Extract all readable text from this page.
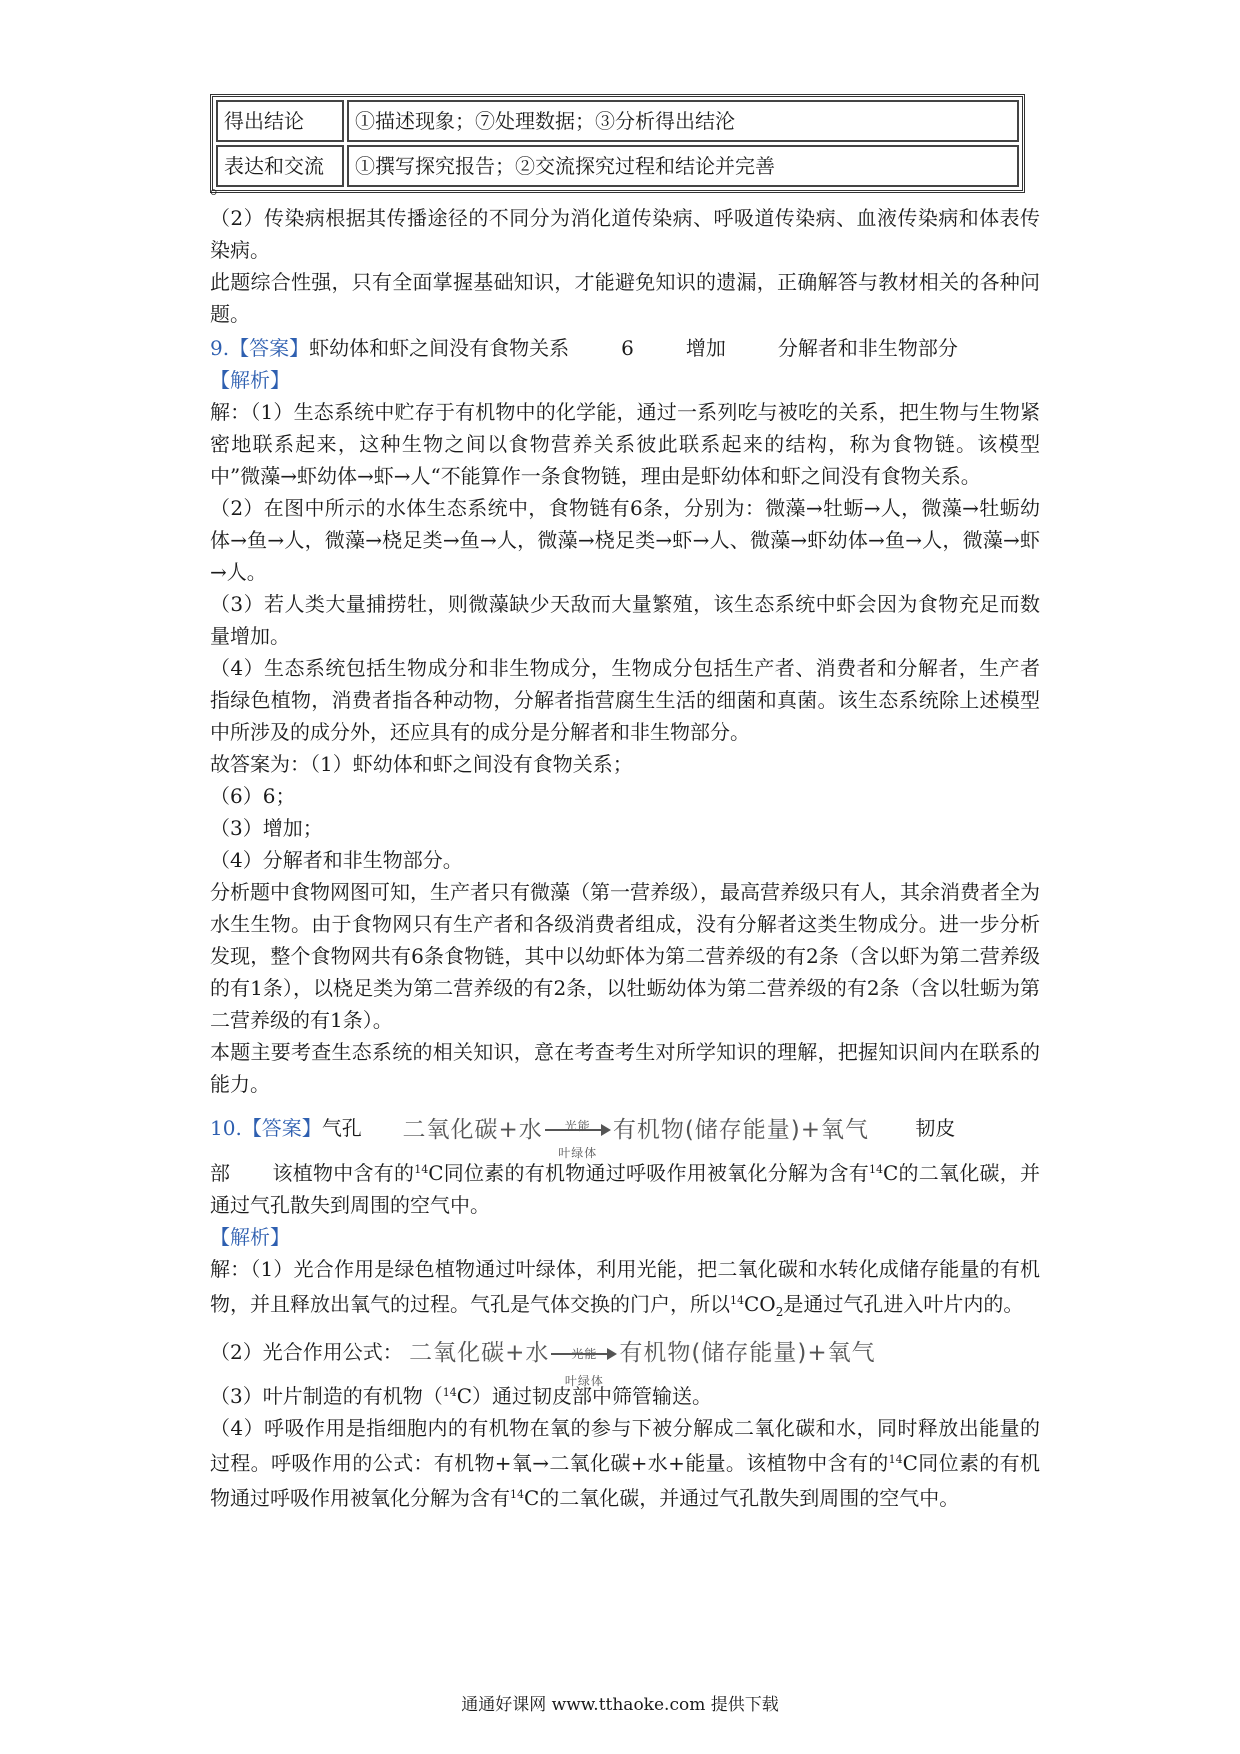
得出结论	①描述现象；⑦处理数据；③分析得出结沦
表达和交流	①撰写探究报告；②交流探究过程和结论并完善

。

（2）传染病根据其传播途径的不同分为消化道传染病、呼吸道传染病、血液传染病和体表传染病。

此题综合性强，只有全面掌握基础知识，才能避免知识的遗漏，正确解答与教材相关的各种问题。

9.【答案】虾幼体和虾之间没有食物关系	6	增加	分解者和非生物部分

【解析】

解：（1）生态系统中贮存于有机物中的化学能，通过一系列吃与被吃的关系，把生物与生物紧密地联系起来，这种生物之间以食物营养关系彼此联系起来的结构，称为食物链。该模型中”微藻→虾幼体→虾→人“不能算作一条食物链，理由是虾幼体和虾之间没有食物关系。

（2）在图中所示的水体生态系统中，食物链有6条，分别为：微藻→牡蛎→人，微藻→牡蛎幼体→鱼→人，微藻→桡足类→鱼→人，微藻→桡足类→虾→人、微藻→虾幼体→鱼→人，微藻→虾→人。

（3）若人类大量捕捞牡，则微藻缺少天敌而大量繁殖，该生态系统中虾会因为食物充足而数量增加。

（4）生态系统包括生物成分和非生物成分，生物成分包括生产者、消费者和分解者，生产者指绿色植物，消费者指各种动物，分解者指营腐生生活的细菌和真菌。该生态系统除上述模型中所涉及的成分外，还应具有的成分是分解者和非生物部分。

故答案为：（1）虾幼体和虾之间没有食物关系；

（6）6；

（3）增加；

（4）分解者和非生物部分。

分析题中食物网图可知，生产者只有微藻（第一营养级），最高营养级只有人，其余消费者全为水生生物。由于食物网只有生产者和各级消费者组成，没有分解者这类生物成分。进一步分析发现，整个食物网共有6条食物链，其中以幼虾体为第二营养级的有2条（含以虾为第二营养级的有1条），以桡足类为第二营养级的有2条，以牡蛎幼体为第二营养级的有2条（含以牡蛎为第二营养级的有1条）。

本题主要考查生态系统的相关知识，意在考查考生对所学知识的理解，把握知识间内在联系的能力。

10.【答案】气孔 二氧化碳+水	光能
叶绿体
有机物(储存能量)+氧气 韧皮

部 该植物中含有的$^{14}$C同位素的有机物通过呼吸作用被氧化分解为含有$^{14}$C的二氧化碳，并通过气孔散失到周围的空气中。

【解析】

解：（1）光合作用是绿色植物通过叶绿体，利用光能，把二氧化碳和水转化成储存能量的有机物，并且释放出氧气的过程。气孔是气体交换的门户，所以$^{14}CO_2$是通过气孔进入叶片内的。

（2）光合作用公式： 二氧化碳+水	光能
叶绿体
有机物(储存能量)+氧气

（3）叶片制造的有机物（$^{14}$C）通过韧皮部中筛管输送。

（4）呼吸作用是指细胞内的有机物在氧的参与下被分解成二氧化碳和水，同时释放出能量的过程。呼吸作用的公式：有机物+氧→二氧化碳+水+能量。该植物中含有的$^{14}$C同位素的有机物通过呼吸作用被氧化分解为含有$^{14}$C的二氧化碳，并通过气孔散失到周围的空气中。

通通好课网 www.tthaoke.com 提供下载
